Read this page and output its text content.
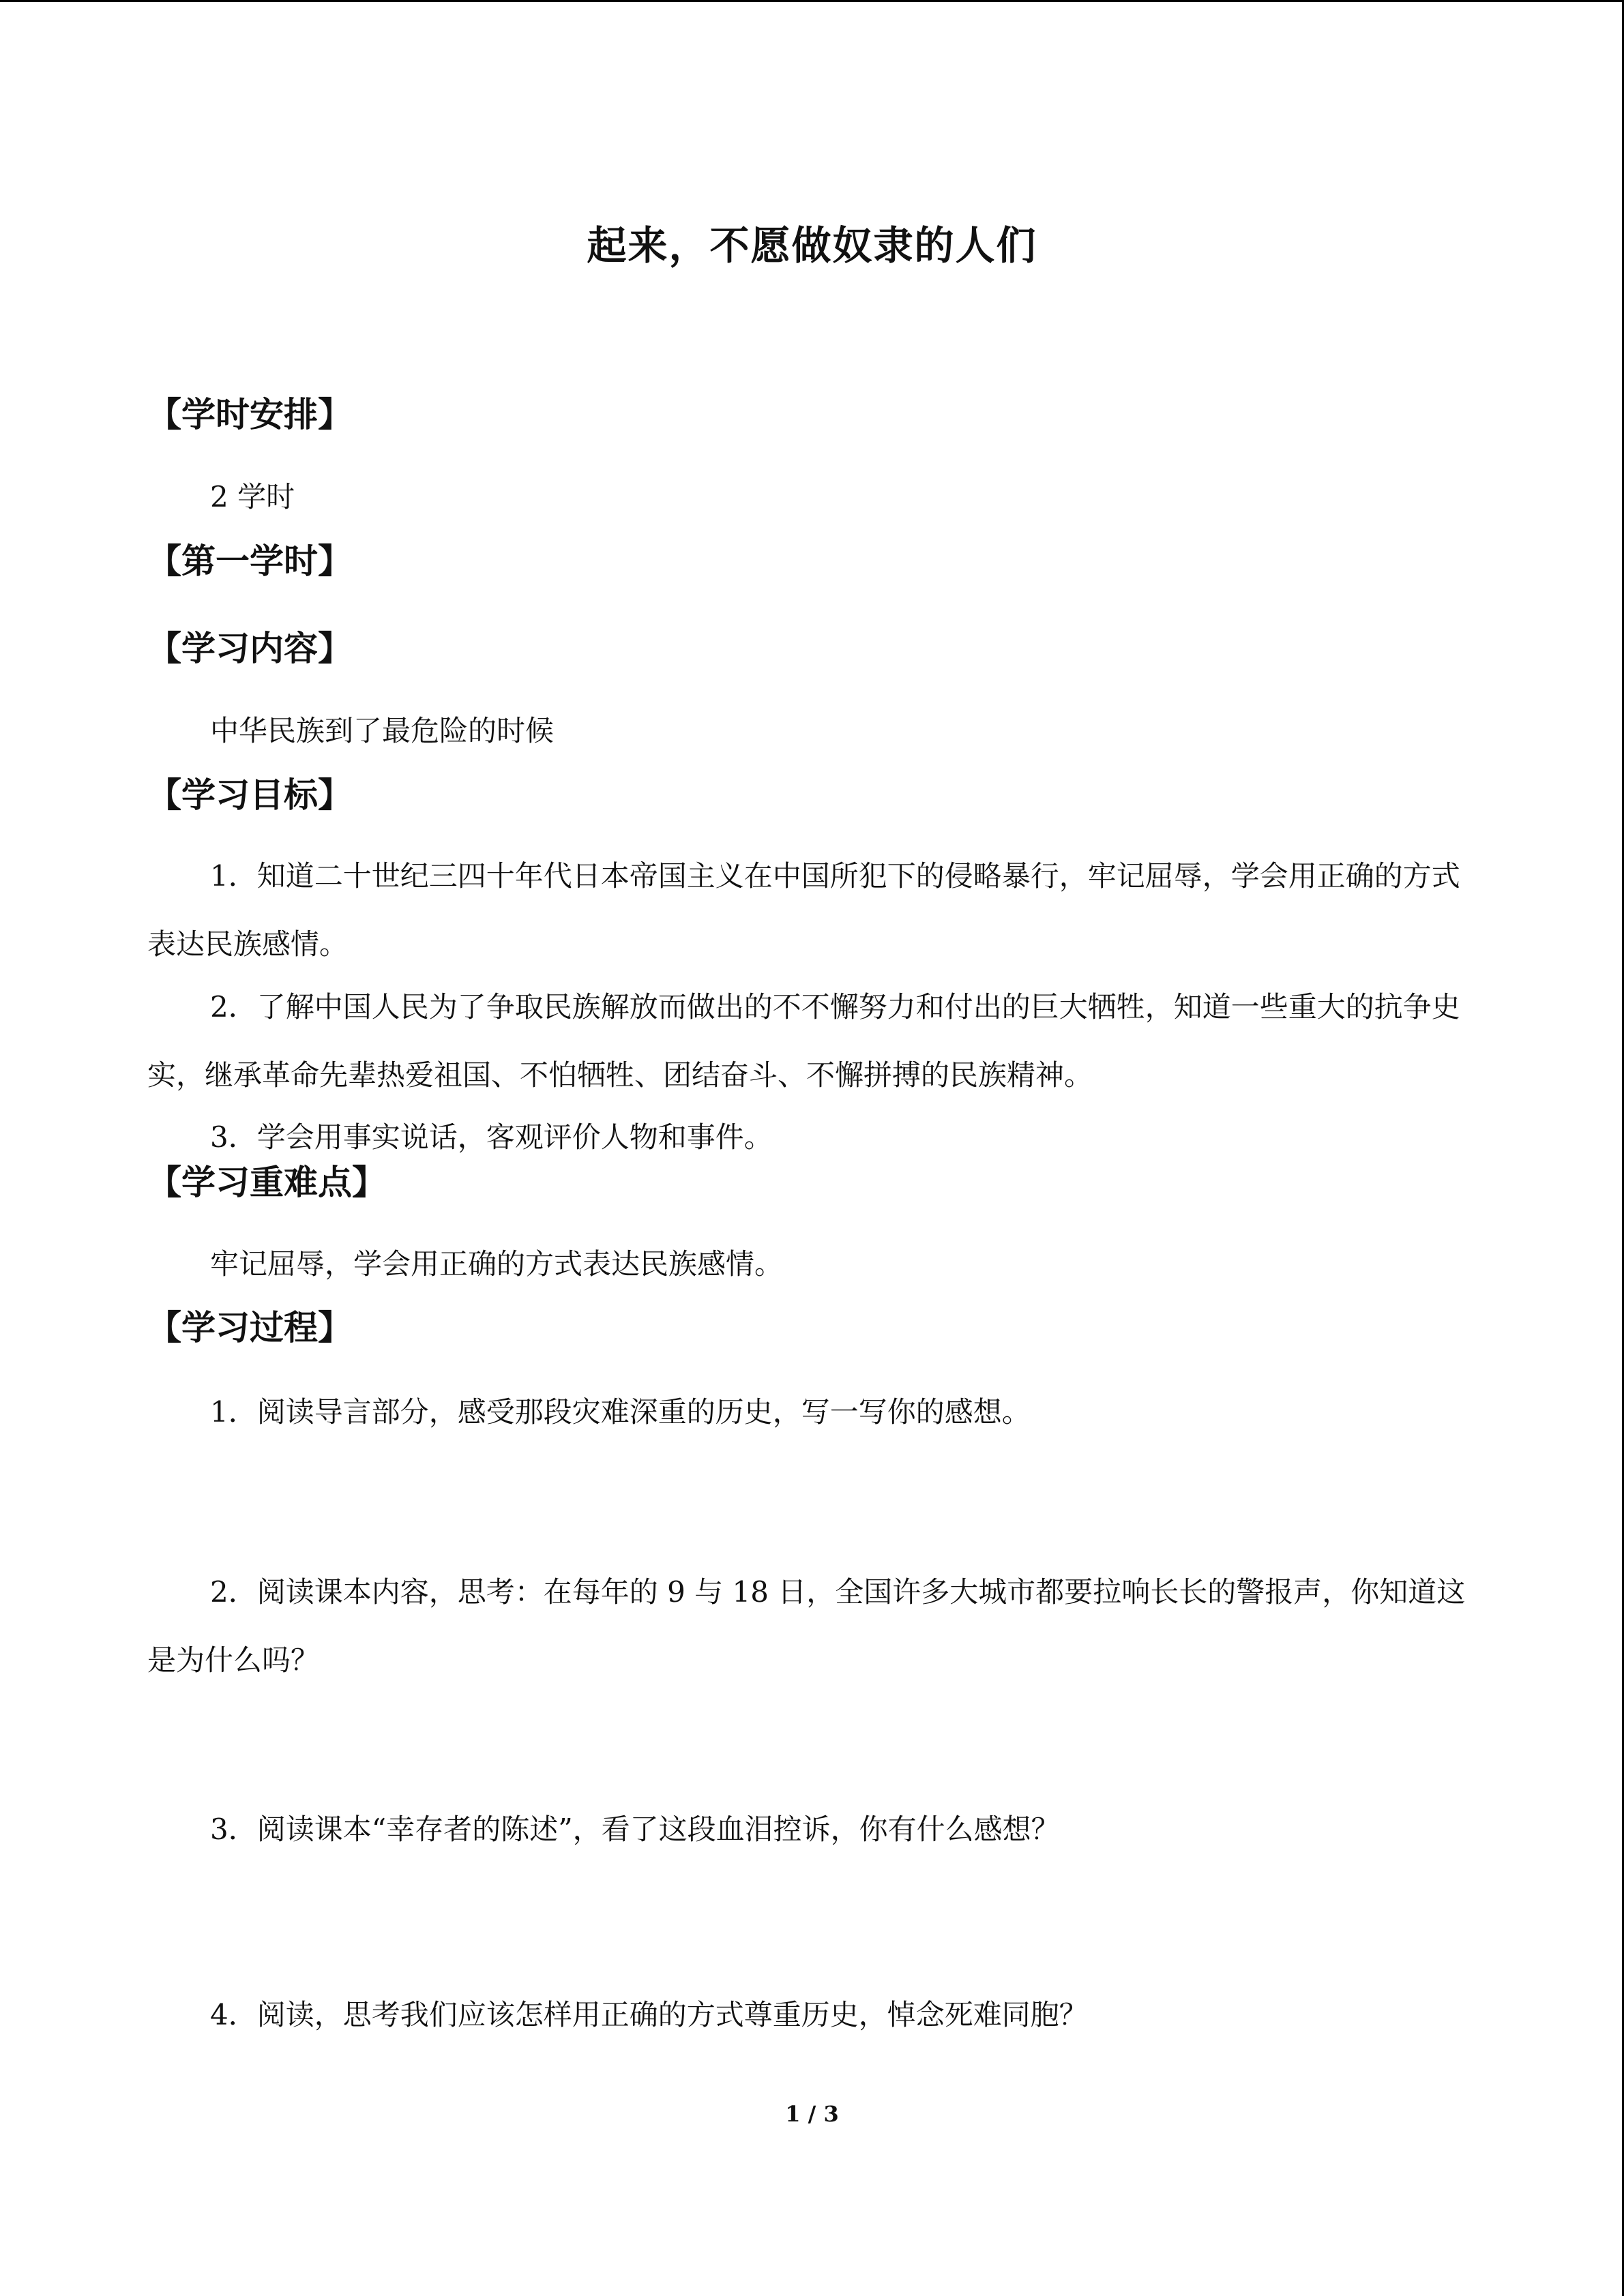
起来，不愿做奴隶的人们
【学时安排】
2 学时
【第一学时】
【学习内容】
中华民族到了最危险的时候
【学习目标】
1．知道二十世纪三四十年代日本帝国主义在中国所犯下的侵略暴行，牢记屈辱，学会用正确的方式表达民族感情。
2．了解中国人民为了争取民族解放而做出的不不懈努力和付出的巨大牺牲，知道一些重大的抗争史实，继承革命先辈热爱祖国、不怕牺牲、团结奋斗、不懈拼搏的民族精神。
3．学会用事实说话，客观评价人物和事件。
【学习重难点】
牢记屈辱，学会用正确的方式表达民族感情。
【学习过程】
1．阅读导言部分，感受那段灾难深重的历史，写一写你的感想。
2．阅读课本内容，思考：在每年的 9 与 18 日，全国许多大城市都要拉响长长的警报声，你知道这是为什么吗？
3．阅读课本“幸存者的陈述”，看了这段血泪控诉，你有什么感想？
4．阅读，思考我们应该怎样用正确的方式尊重历史，悼念死难同胞？
1 / 3
